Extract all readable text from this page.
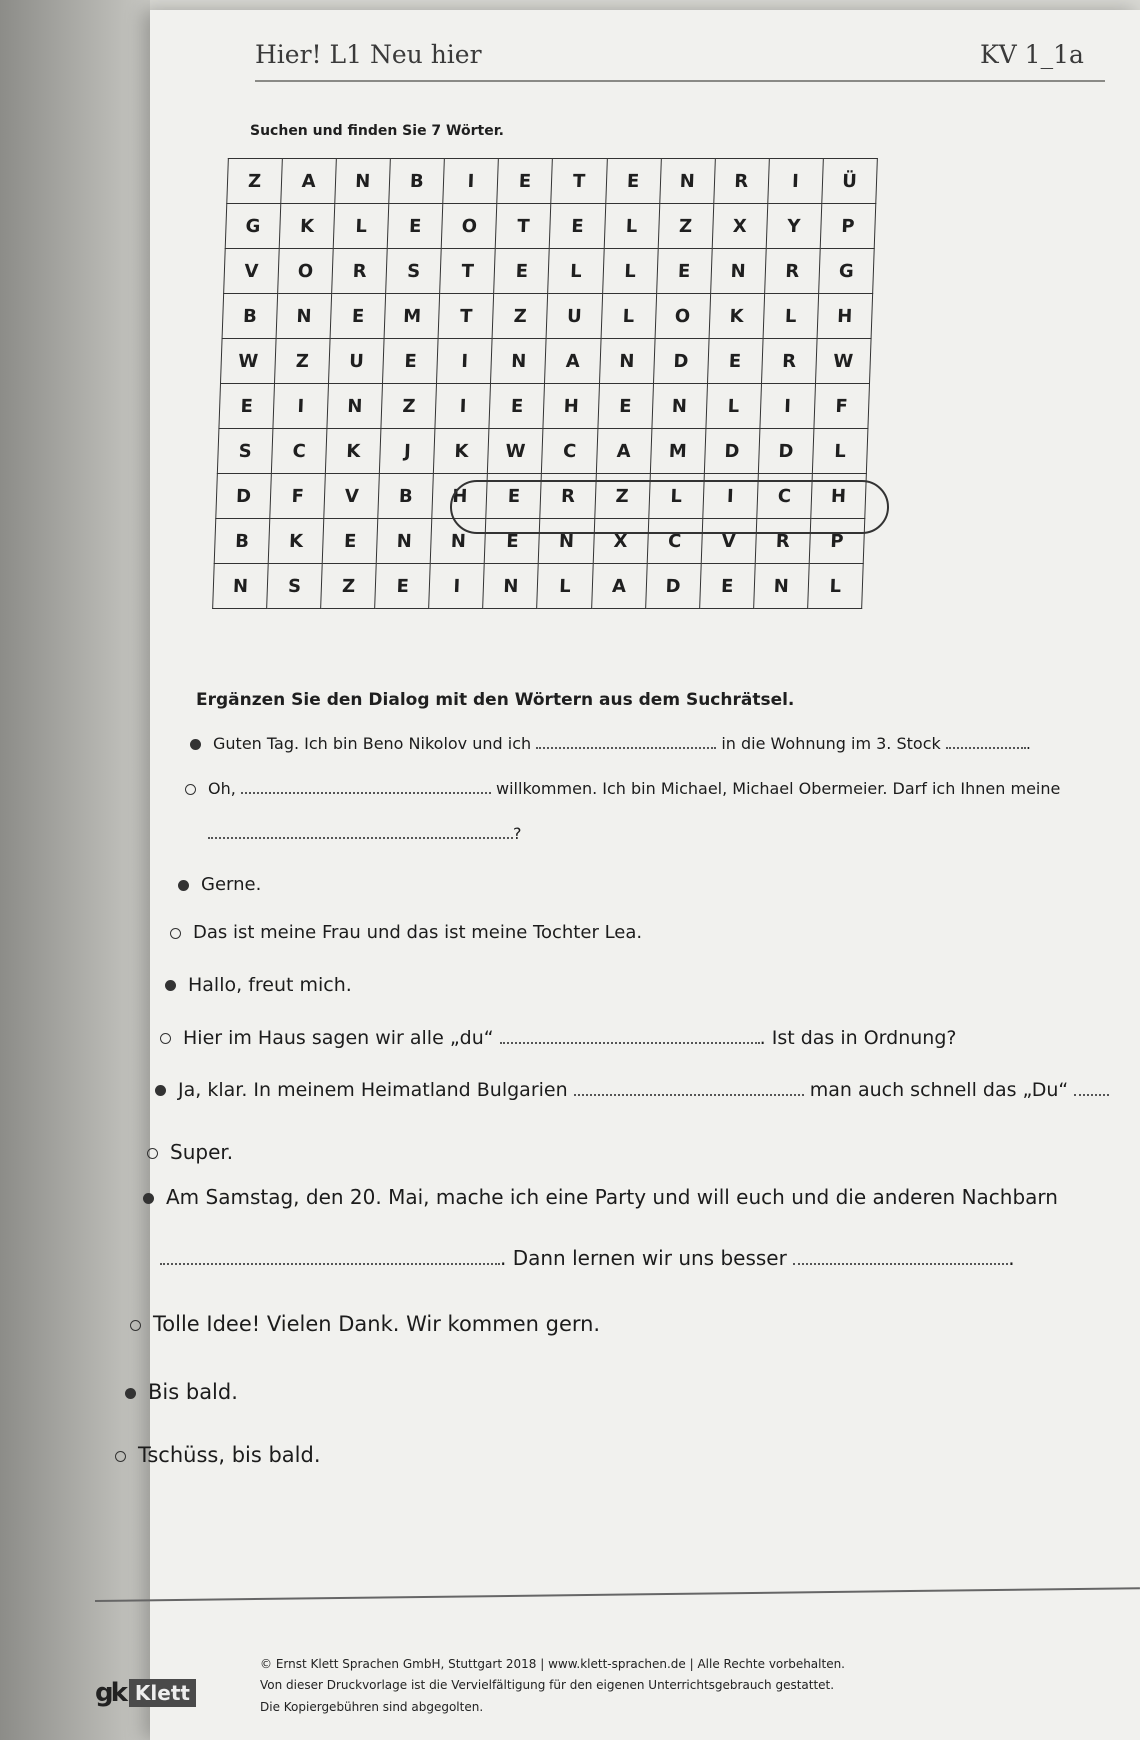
Hier! L1 Neu hier	KV 1_1a
Suchen und finden Sie 7 Wörter.
Z	A	N	B	I	E	T	E	N	R	I	Ü
G	K	L	E	O	T	E	L	Z	X	Y	P
V	O	R	S	T	E	L	L	E	N	R	G
B	N	E	M	T	Z	U	L	O	K	L	H
W	Z	U	E	I	N	A	N	D	E	R	W
E	I	N	Z	I	E	H	E	N	L	I	F
S	C	K	J	K	W	C	A	M	D	D	L
D	F	V	B	H	E	R	Z	L	I	C	H
B	K	E	N	N	E	N	X	C	V	R	P
N	S	Z	E	I	N	L	A	D	E	N	L
Ergänzen Sie den Dialog mit den Wörtern aus dem Suchrätsel.
Guten Tag. Ich bin Beno Nikolov und ich	in die Wohnung im 3. Stock	.
Oh,	willkommen. Ich bin Michael, Michael Obermeier. Darf ich Ihnen meine
?
Gerne.
Das ist meine Frau und das ist meine Tochter Lea.
Hallo, freut mich.
Hier im Haus sagen wir alle „du“	. Ist das in Ordnung?
Ja, klar. In meinem Heimatland Bulgarien	man auch schnell das „Du“
Super.
Am Samstag, den 20. Mai, mache ich eine Party und will euch und die anderen Nachbarn
. Dann lernen wir uns besser	.
Tolle Idee! Vielen Dank. Wir kommen gern.
Bis bald.
Tschüss, bis bald.
© Ernst Klett Sprachen GmbH, Stuttgart 2018 | www.klett-sprachen.de | Alle Rechte vorbehalten.
Von dieser Druckvorlage ist die Vervielfältigung für den eigenen Unterrichtsgebrauch gestattet.
Die Kopiergebühren sind abgegolten.
gk Klett
